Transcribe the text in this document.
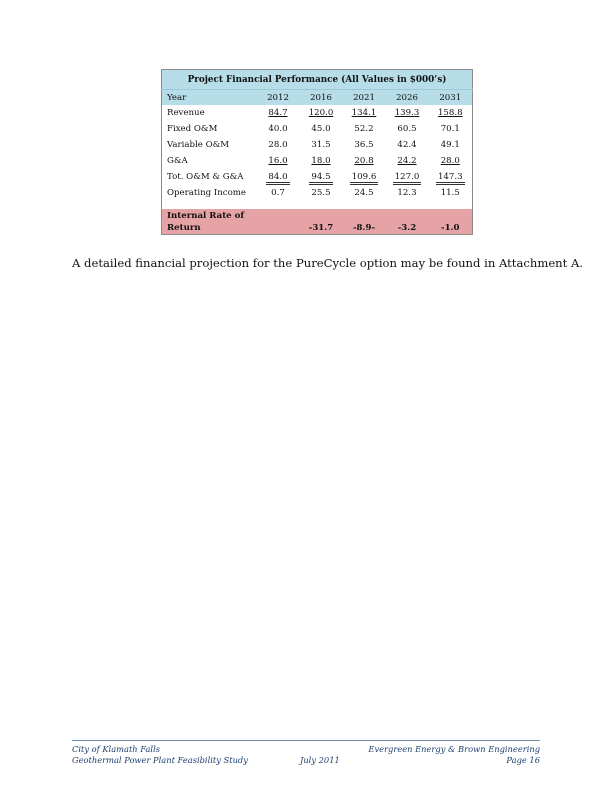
Project Financial Performance (All Values in $000’s)					
Year	2012	2016	2021	2026	2031
Revenue	84.7	120.0	134.1	139.3	158.8
Fixed O&M	40.0	45.0	52.2	60.5	70.1
Variable O&M	28.0	31.5	36.5	42.4	49.1
G&A	16.0	18.0	20.8	24.2	28.0
Tot. O&M & G&A	84.0	94.5	109.6	127.0	147.3
Operating Income	0.7	25.5	24.5	12.3	11.5

Internal Rate of Return		-31.7	-8.9-	-3.2	-1.0

A detailed financial projection for the PureCycle option may be found in Attachment A.

City of Klamath Falls
Geothermal Power Plant Feasibility Study	July 2011
Evergreen Energy & Brown Engineering
Page 16
